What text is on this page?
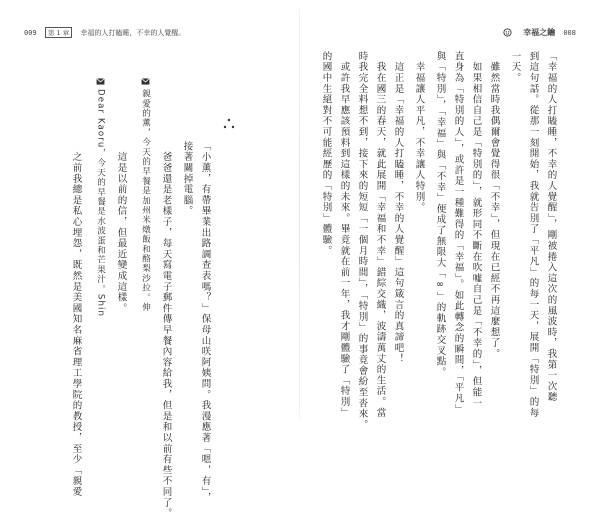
009 第 1 章 幸福的人打瞌睡，不幸的人覺醒。	幸福之鑰 008
「幸福的人打瞌睡，不幸的人覺醒」，剛被捲入這次的風波時，我第一次聽
到這句話。從那一刻開始，我就告別了「平凡」的每一天，展開「特別」的每
一天。
　雖然當時我偶爾會覺得很「不幸」，但現在已經不再這麼想了。
　如果相信自己是「特別的」，就形同不斷在吹噓自己是「不幸的」，但能一
直身為「特別的人」，或許是一種難得的「幸福」。如此轉念的瞬間，「平凡」
與「特別」，「幸福」與「不幸」便成了無限大「∞」的軌跡交叉點。
　幸福讓人平凡，不幸讓人特別。
　這正是「幸福的人打瞌睡，不幸的人覺醒」這句箴言的真諦吧！
　我在國三的春天，就此展開「幸福和不幸」錯綜交織，波濤萬丈的生活。當
時我完全料想不到，接下來的短短「一個月時間」，「特別」的事竟會紛至沓來。
　或許我早應該預料到這樣的未來。畢竟就在前一年，我才剛體驗了「特別」
的國中生絕對不可能經歷的「特別」體驗。
「小薰，有帶畢業出路調查表嗎？」保母山咲阿姨問。我漫應著「嗯，有」，
接著關掉電腦。
　爸爸還是老樣子，每天寫電子郵件傳早餐內容給我，但是和以前有些不同了。
親愛的薰，今天的早餐是加州米燉飯和酪梨沙拉。伸
　這是以前的信，但最近變成這樣。
Dear Kaoru，今天的早餐是水波蛋和芒果汁。Shin
　之前我總是私心埋怨，既然是美國知名麻省理工學院的教授，至少「親愛
